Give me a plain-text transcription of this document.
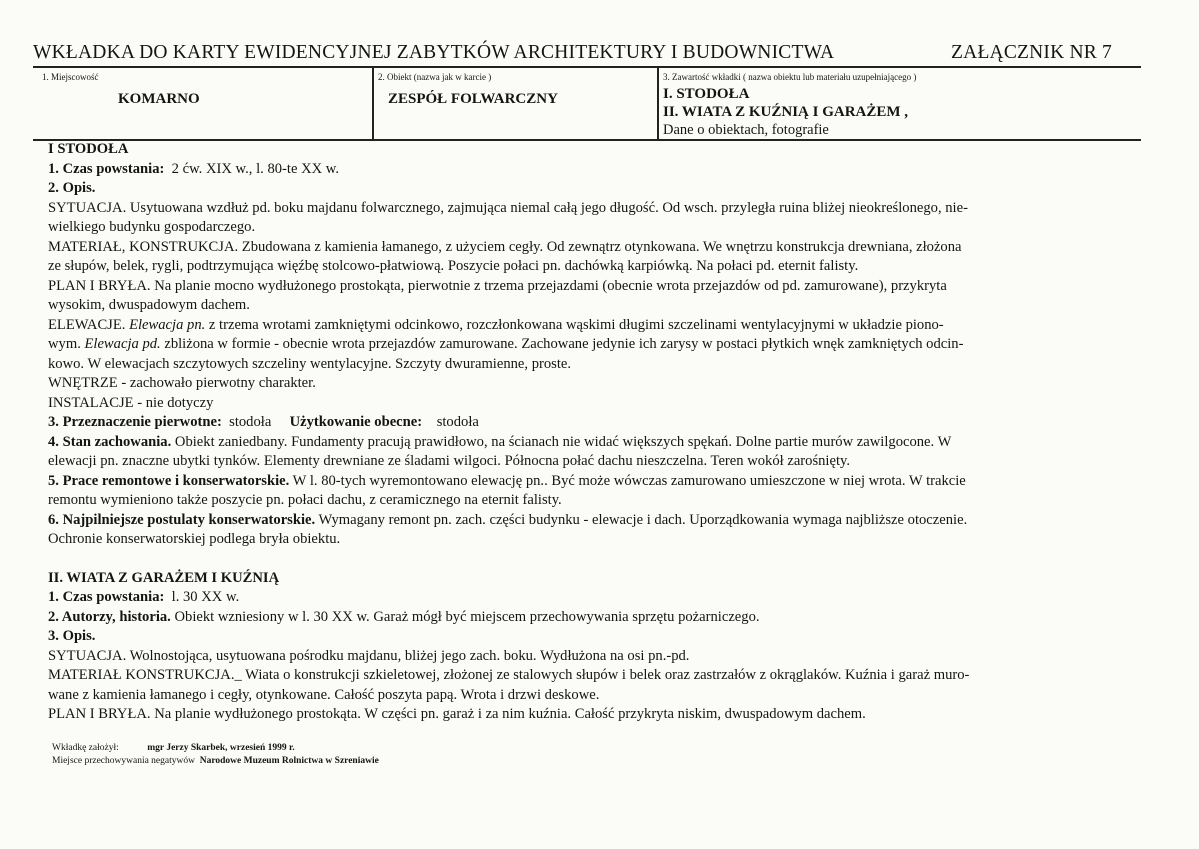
WKŁADKA DO KARTY EWIDENCYJNEJ ZABYTKÓW ARCHITEKTURY I BUDOWNICTWA	ZAŁĄCZNIK NR 7
1. Miejscowość
KOMARNO
2. Obiekt (nazwa jak w karcie )
ZESPÓŁ FOLWARCZNY
3. Zawartość wkładki ( nazwa obiektu lub materiału uzupełniającego )
I. STODOŁA
II. WIATA Z KUŹNIĄ I GARAŻEM ,
Dane o obiektach, fotografie

I STODOŁA

1. Czas powstania: 2 ćw. XIX w., l. 80-te XX w.

2. Opis.

SYTUACJA. Usytuowana wzdłuż pd. boku majdanu folwarcznego, zajmująca niemal całą jego długość. Od wsch. przyległa ruina bliżej nieokreślonego, nie-

wielkiego budynku gospodarczego.

MATERIAŁ, KONSTRUKCJA. Zbudowana z kamienia łamanego, z użyciem cegły. Od zewnątrz otynkowana. We wnętrzu konstrukcja drewniana, złożona

ze słupów, belek, rygli, podtrzymująca więźbę stolcowo-płatwiową. Poszycie połaci pn. dachówką karpiówką. Na połaci pd. eternit falisty.

PLAN I BRYŁA. Na planie mocno wydłużonego prostokąta, pierwotnie z trzema przejazdami (obecnie wrota przejazdów od pd. zamurowane), przykryta

wysokim, dwuspadowym dachem.

ELEWACJE. Elewacja pn. z trzema wrotami zamkniętymi odcinkowo, rozczłonkowana wąskimi długimi szczelinami wentylacyjnymi w układzie piono-

wym. Elewacja pd. zbliżona w formie - obecnie wrota przejazdów zamurowane. Zachowane jedynie ich zarysy w postaci płytkich wnęk zamkniętych odcin-

kowo. W elewacjach szczytowych szczeliny wentylacyjne. Szczyty dwuramienne, proste.

WNĘTRZE - zachowało pierwotny charakter.

INSTALACJE - nie dotyczy

3. Przeznaczenie pierwotne: stodoła Użytkowanie obecne: stodoła

4. Stan zachowania. Obiekt zaniedbany. Fundamenty pracują prawidłowo, na ścianach nie widać większych spękań. Dolne partie murów zawilgocone. W

elewacji pn. znaczne ubytki tynków. Elementy drewniane ze śladami wilgoci. Północna połać dachu nieszczelna. Teren wokół zarośnięty.

5. Prace remontowe i konserwatorskie. W l. 80-tych wyremontowano elewację pn.. Być może wówczas zamurowano umieszczone w niej wrota. W trakcie

remontu wymieniono także poszycie pn. połaci dachu, z ceramicznego na eternit falisty.

6. Najpilniejsze postulaty konserwatorskie. Wymagany remont pn. zach. części budynku - elewacje i dach. Uporządkowania wymaga najbliższe otoczenie.

Ochronie konserwatorskiej podlega bryła obiektu.

II. WIATA Z GARAŻEM I KUŹNIĄ

1. Czas powstania: l. 30 XX w.

2. Autorzy, historia. Obiekt wzniesiony w l. 30 XX w. Garaż mógł być miejscem przechowywania sprzętu pożarniczego.

3. Opis.

SYTUACJA. Wolnostojąca, usytuowana pośrodku majdanu, bliżej jego zach. boku. Wydłużona na osi pn.-pd.

MATERIAŁ KONSTRUKCJA._ Wiata o konstrukcji szkieletowej, złożonej ze stalowych słupów i belek oraz zastrzałów z okrąglaków. Kuźnia i garaż muro-

wane z kamienia łamanego i cegły, otynkowane. Całość poszyta papą. Wrota i drzwi deskowe.

PLAN I BRYŁA. Na planie wydłużonego prostokąta. W części pn. garaż i za nim kuźnia. Całość przykryta niskim, dwuspadowym dachem.

Wkładkę założył:	mgr Jerzy Skarbek, wrzesień 1999 r.
Miejsce przechowywania negatywów Narodowe Muzeum Rolnictwa w Szreniawie
